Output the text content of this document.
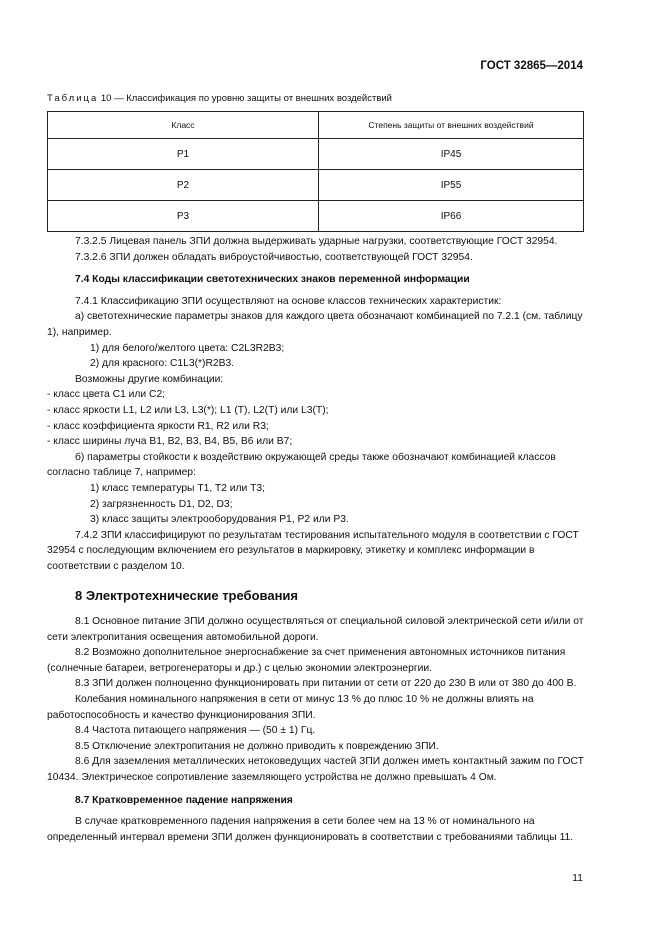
ГОСТ 32865—2014
Таблица 10 — Классификация по уровню защиты от внешних воздействий
Класс	Степень защиты от внешних воздействий
P1	IP45
P2	IP55
P3	IP66

7.3.2.5 Лицевая панель ЗПИ должна выдерживать ударные нагрузки, соответствующие ГОСТ 32954.

7.3.2.6 ЗПИ должен обладать виброустойчивостью, соответствующей ГОСТ 32954.

7.4 Коды классификации светотехнических знаков переменной информации

7.4.1 Классификацию ЗПИ осуществляют на основе классов технических характеристик:

а) светотехнические параметры знаков для каждого цвета обозначают комбинацией по 7.2.1 (см. таблицу 1), например.

1) для белого/желтого цвета: C2L3R2B3;

2) для красного: C1L3(*)R2B3.

Возможны другие комбинации:

- класс цвета C1 или C2;

- класс яркости L1, L2 или L3, L3(*); L1 (T), L2(T) или L3(T);

- класс коэффициента яркости R1, R2 или R3;

- класс ширины луча B1, B2, B3, B4, B5, B6 или B7;

б) параметры стойкости к воздействию окружающей среды также обозначают комбинацией классов согласно таблице 7, например:

1) класс температуры T1, T2 или T3;

2) загрязненность D1, D2, D3;

3) класс защиты электрооборудования P1, P2 или P3.

7.4.2 ЗПИ классифицируют по результатам тестирования испытательного модуля в соответствии с ГОСТ 32954 с последующим включением его результатов в маркировку, этикетку и комплекс информации в соответствии с разделом 10.

8 Электротехнические требования

8.1 Основное питание ЗПИ должно осуществляться от специальной силовой электрической сети и/или от сети электропитания освещения автомобильной дороги.

8.2 Возможно дополнительное энергоснабжение за счет применения автономных источников питания (солнечные батареи, ветрогенераторы и др.) с целью экономии электроэнергии.

8.3 ЗПИ должен полноценно функционировать при питании от сети от 220 до 230 В или от 380 до 400 В.

Колебания номинального напряжения в сети от минус 13 % до плюс 10 % не должны влиять на работоспособность и качество функционирования ЗПИ.

8.4 Частота питающего напряжения — (50 ± 1) Гц.

8.5 Отключение электропитания не должно приводить к повреждению ЗПИ.

8.6 Для заземления металлических нетоковедущих частей ЗПИ должен иметь контактный зажим по ГОСТ 10434. Электрическое сопротивление заземляющего устройства не должно превышать 4 Ом.

8.7 Кратковременное падение напряжения

В случае кратковременного падения напряжения в сети более чем на 13 % от номинального на определенный интервал времени ЗПИ должен функционировать в соответствии с требованиями таблицы 11.

11
